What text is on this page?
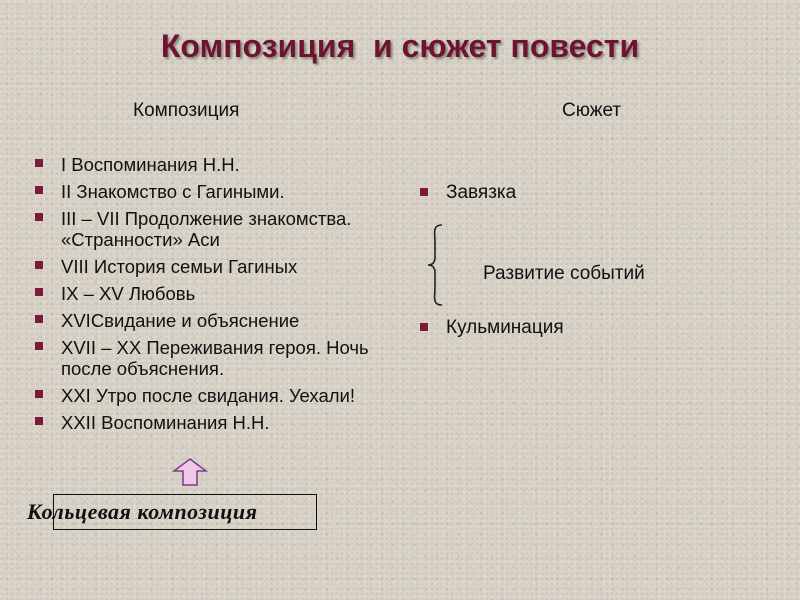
Композиция  и сюжет повести
Композиция	Сюжет
I Воспоминания Н.Н.
II Знакомство с Гагиными.
III – VII Продолжение знакомства. «Странности» Аси
VIII История семьи Гагиных
IX – XV Любовь
XVIСвидание и объяснение
XVII – XX Переживания героя. Ночь после объяснения.
XXI Утро после свидания. Уехали!
XXII Воспоминания Н.Н.
Завязка
Развитие событий
Кульминация
Кольцевая композиция
